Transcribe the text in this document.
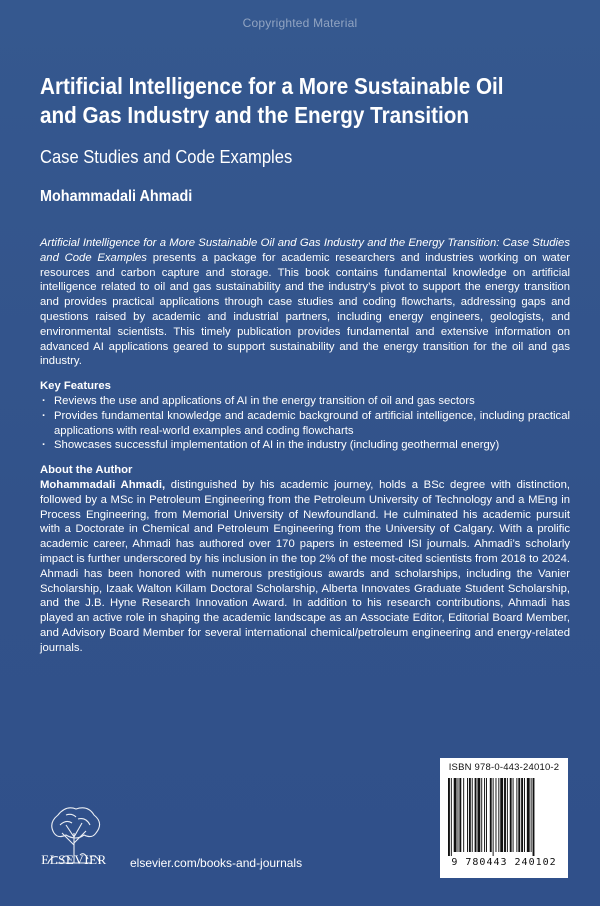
Copyrighted Material
Artificial Intelligence for a More Sustainable Oil
and Gas Industry and the Energy Transition
Case Studies and Code Examples
Mohammadali Ahmadi

Artificial Intelligence for a More Sustainable Oil and Gas Industry and the Energy Transition: Case Studies and Code Examples presents a package for academic researchers and industries working on water resources and carbon capture and storage. This book contains fundamental knowledge on artificial intelligence related to oil and gas sustainability and the industry’s pivot to support the energy transition and provides practical applications through case studies and coding flowcharts, addressing gaps and questions raised by academic and industrial partners, including energy engineers, geologists, and environmental scientists. This timely publication provides fundamental and extensive information on advanced AI applications geared to support sustainability and the energy transition for the oil and gas industry.

Key Features
· Reviews the use and applications of AI in the energy transition of oil and gas sectors
· Provides fundamental knowledge and academic background of artificial intelligence, including practical applications with real-world examples and coding flowcharts
· Showcases successful implementation of AI in the industry (including geothermal energy)
About the Author

Mohammadali Ahmadi, distinguished by his academic journey, holds a BSc degree with distinction, followed by a MSc in Petroleum Engineering from the Petroleum University of Technology and a MEng in Process Engineering, from Memorial University of Newfoundland. He culminated his academic pursuit with a Doctorate in Chemical and Petroleum Engineering from the University of Calgary. With a prolific academic career, Ahmadi has authored over 170 papers in esteemed ISI journals. Ahmadi’s scholarly impact is further underscored by his inclusion in the top 2% of the most-cited scientists from 2018 to 2024. Ahmadi has been honored with numerous prestigious awards and scholarships, including the Vanier Scholarship, Izaak Walton Killam Doctoral Scholarship, Alberta Innovates Graduate Student Scholarship, and the J.B. Hyne Research Innovation Award. In addition to his research contributions, Ahmadi has played an active role in shaping the academic landscape as an Associate Editor, Editorial Board Member, and Advisory Board Member for several international chemical/petroleum engineering and energy-related journals.

ELSEVIER	elsevier.com/books-and-journals
ISBN 978-0-443-24010-2
9 780443 240102
